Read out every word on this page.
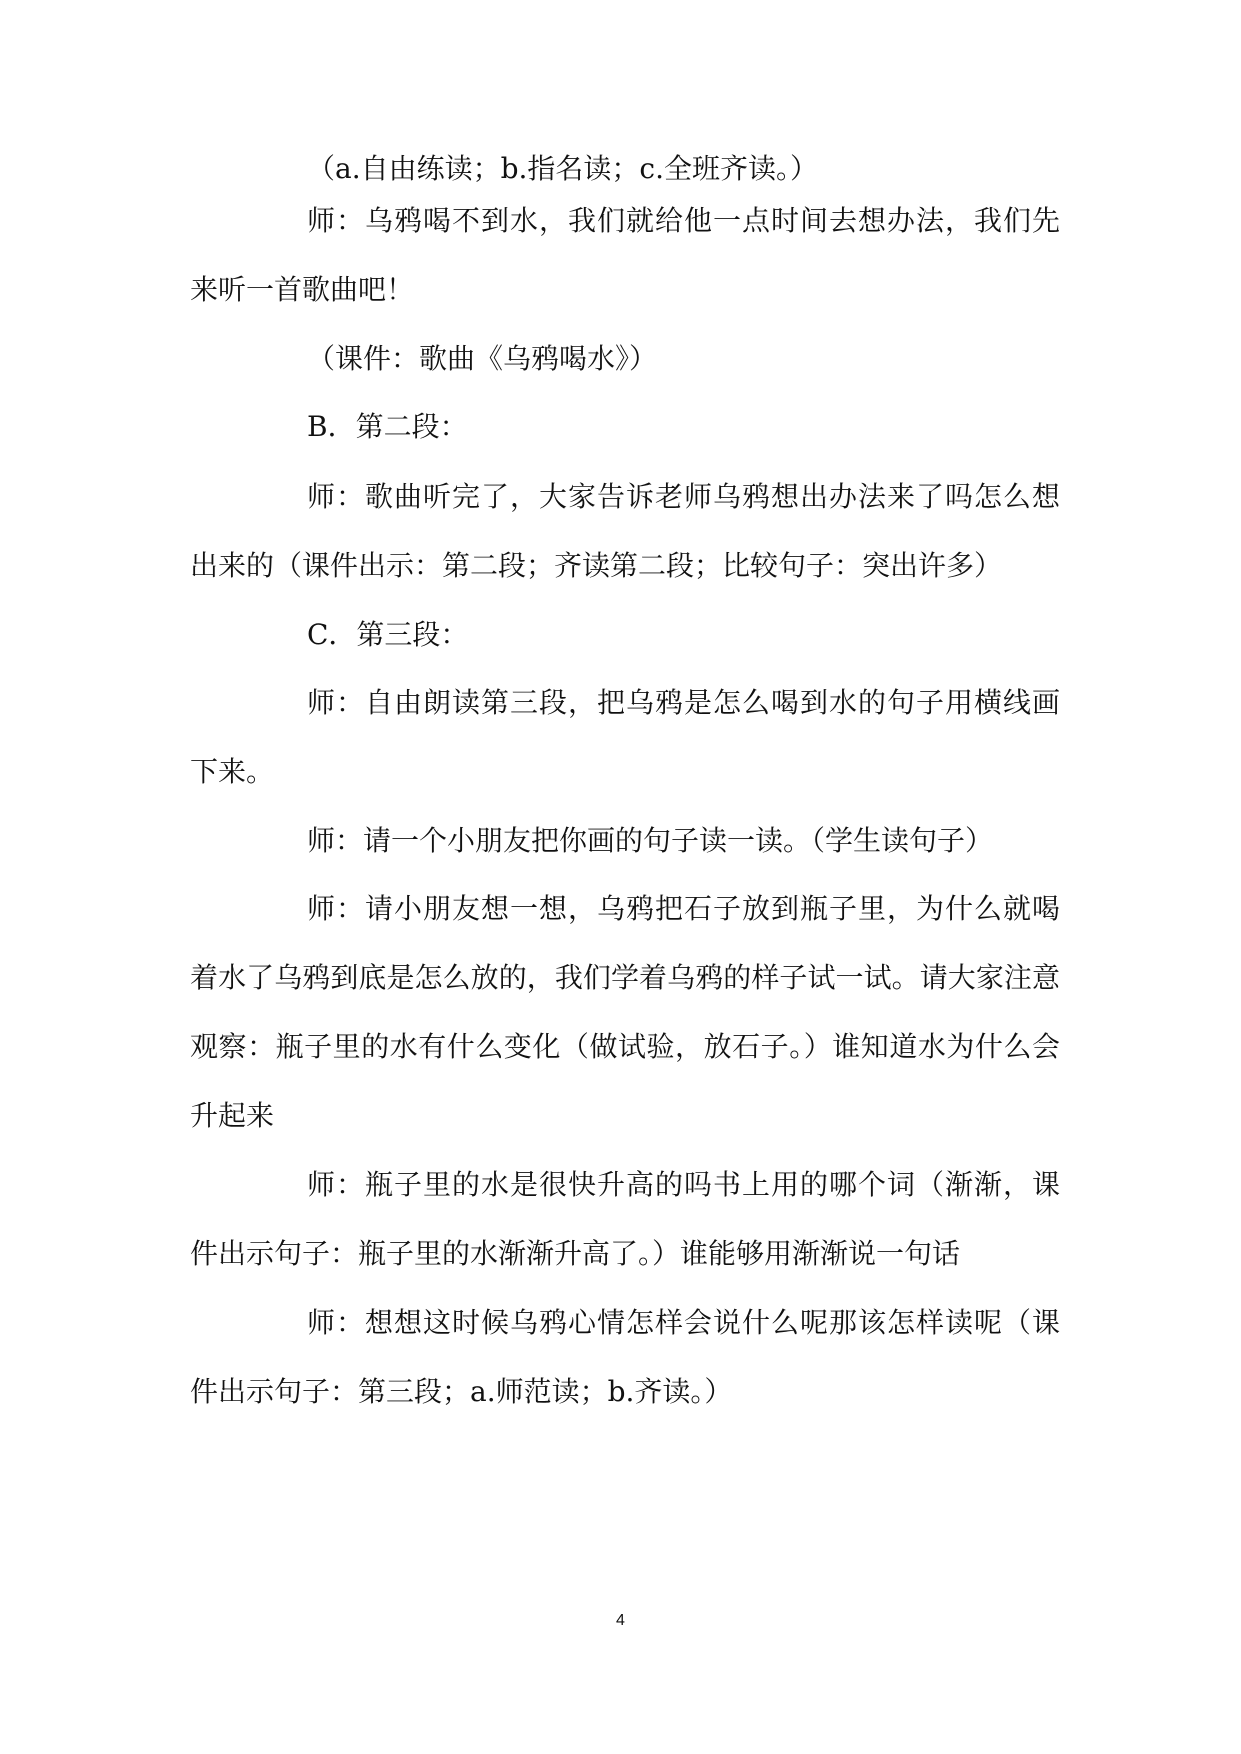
（a.自由练读；b.指名读；c.全班齐读。）

师：乌鸦喝不到水，我们就给他一点时间去想办法，我们先来听一首歌曲吧！

（课件：歌曲《乌鸦喝水》）

B．第二段：

师：歌曲听完了，大家告诉老师乌鸦想出办法来了吗怎么想出来的（课件出示：第二段；齐读第二段；比较句子：突出许多）

C．第三段：

师：自由朗读第三段，把乌鸦是怎么喝到水的句子用横线画下来。

师：请一个小朋友把你画的句子读一读。（学生读句子）

师：请小朋友想一想，乌鸦把石子放到瓶子里，为什么就喝着水了乌鸦到底是怎么放的，我们学着乌鸦的样子试一试。请大家注意观察：瓶子里的水有什么变化（做试验，放石子。）谁知道水为什么会升起来

师：瓶子里的水是很快升高的吗书上用的哪个词（渐渐，课件出示句子：瓶子里的水渐渐升高了。）谁能够用渐渐说一句话

师：想想这时候乌鸦心情怎样会说什么呢那该怎样读呢（课件出示句子：第三段；a.师范读；b.齐读。）

4
